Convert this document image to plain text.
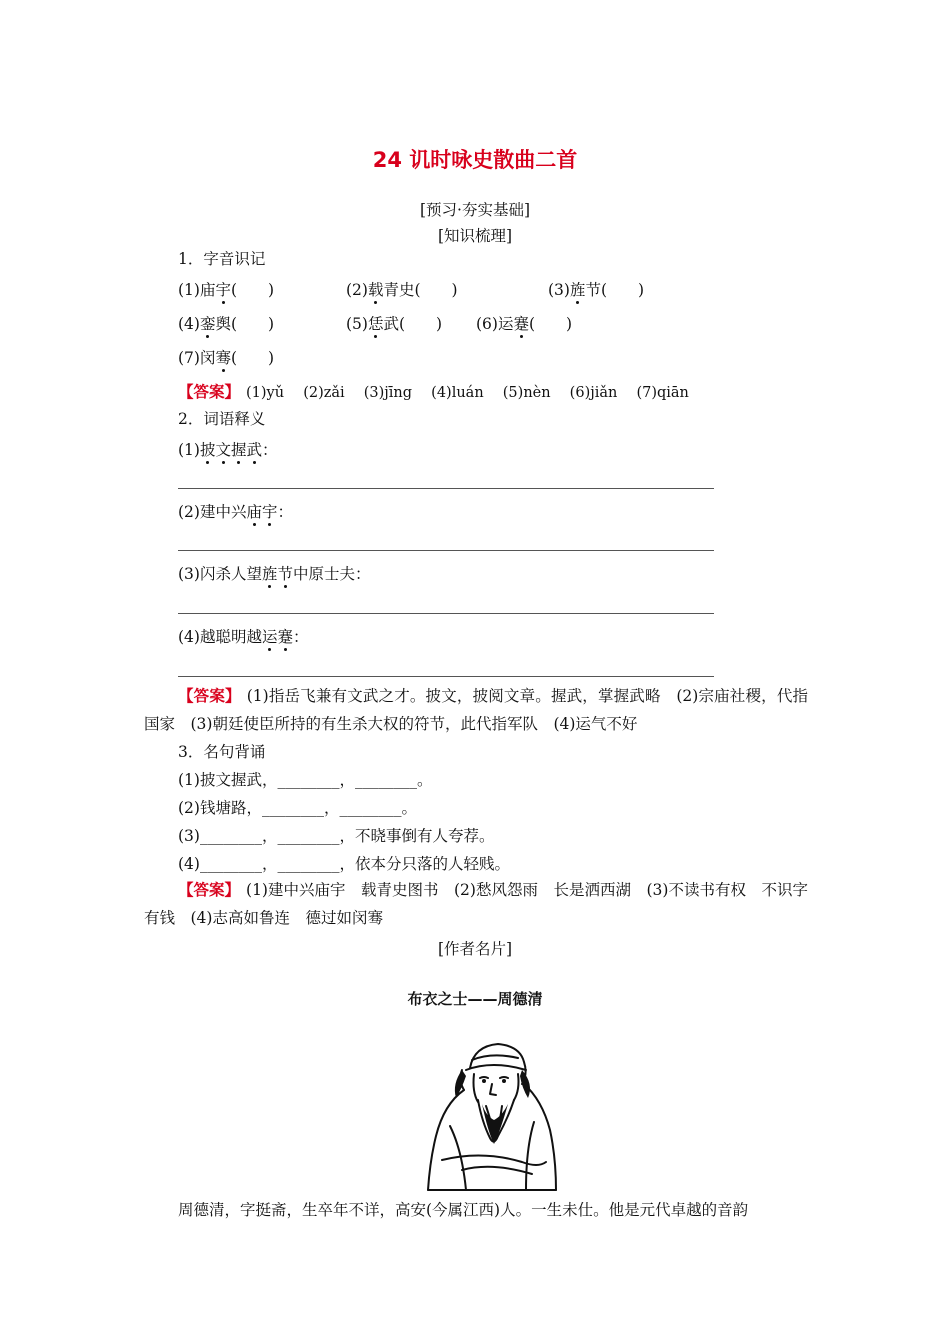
24 讥时咏史散曲二首
[预习·夯实基础]
[知识梳理]
1．字音识记
(1)庙宇(　　)	(2)载青史(　　)	(3)旌节(　　)
(4)銮舆(　　)	(5)恁武(　　) (6)运蹇(　　)
(7)闵骞(　　)
【答案】 (1)yǔ　 (2)zǎi　 (3)jīng　 (4)luán　 (5)nèn　 (6)jiǎn　 (7)qiān
2．词语释义
(1)披文握武：
(2)建中兴庙宇：
(3)闪杀人望旌节中原士夫：
(4)越聪明越运蹇：
【答案】 (1)指岳飞兼有文武之才。披文，披阅文章。握武，掌握武略　(2)宗庙社稷，代指国家　(3)朝廷使臣所持的有生杀大权的符节，此代指军队　(4)运气不好
3．名句背诵
(1)披文握武，________，________。
(2)钱塘路，________，________。
(3)________，________，不晓事倒有人夸荐。
(4)________，________，依本分只落的人轻贱。
【答案】 (1)建中兴庙宇　载青史图书　(2)愁风怨雨　长是洒西湖　(3)不读书有权　不识字有钱　(4)志高如鲁连　德过如闵骞
[作者名片]
布衣之士——周德清
周德清，字挺斋，生卒年不详，高安(今属江西)人。一生未仕。他是元代卓越的音韵
